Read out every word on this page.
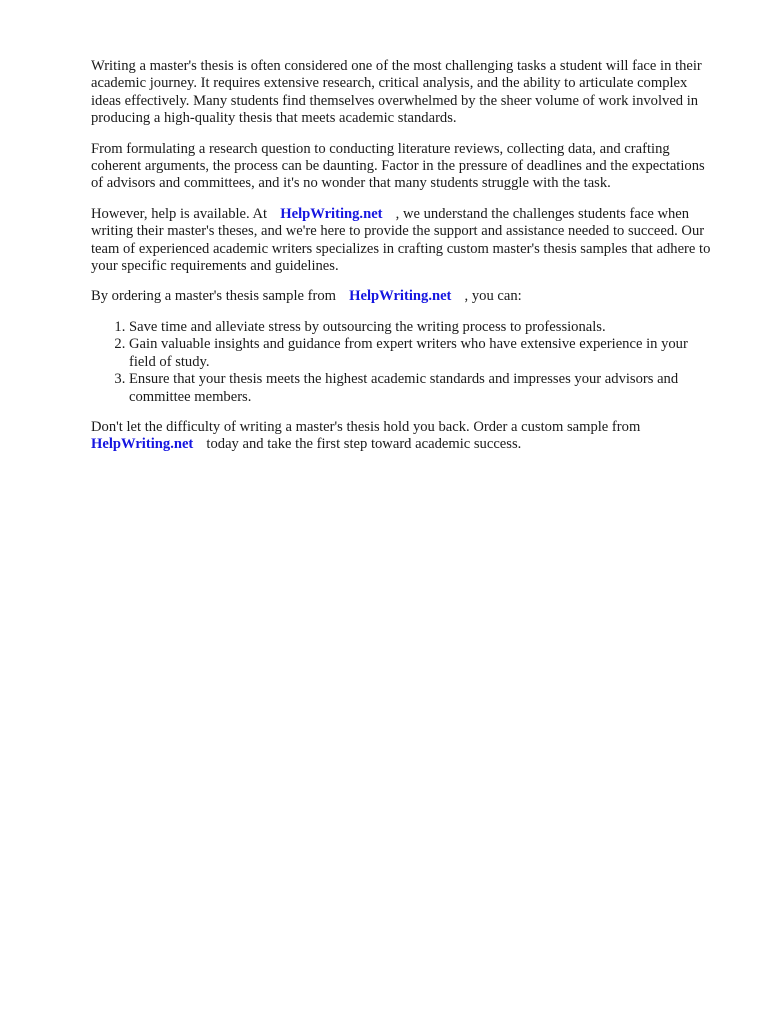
Writing a master's thesis is often considered one of the most challenging tasks a student will face in their academic journey. It requires extensive research, critical analysis, and the ability to articulate complex ideas effectively. Many students find themselves overwhelmed by the sheer volume of work involved in producing a high-quality thesis that meets academic standards.

From formulating a research question to conducting literature reviews, collecting data, and crafting coherent arguments, the process can be daunting. Factor in the pressure of deadlines and the expectations of advisors and committees, and it's no wonder that many students struggle with the task.

However, help is available. At HelpWriting.net , we understand the challenges students face when writing their master's theses, and we're here to provide the support and assistance needed to succeed. Our team of experienced academic writers specializes in crafting custom master's thesis samples that adhere to your specific requirements and guidelines.

By ordering a master's thesis sample from HelpWriting.net , you can:

1. Save time and alleviate stress by outsourcing the writing process to professionals.
2. Gain valuable insights and guidance from expert writers who have extensive experience in your field of study.
3. Ensure that your thesis meets the highest academic standards and impresses your advisors and committee members.

Don't let the difficulty of writing a master's thesis hold you back. Order a custom sample from
HelpWriting.net today and take the first step toward academic success.
